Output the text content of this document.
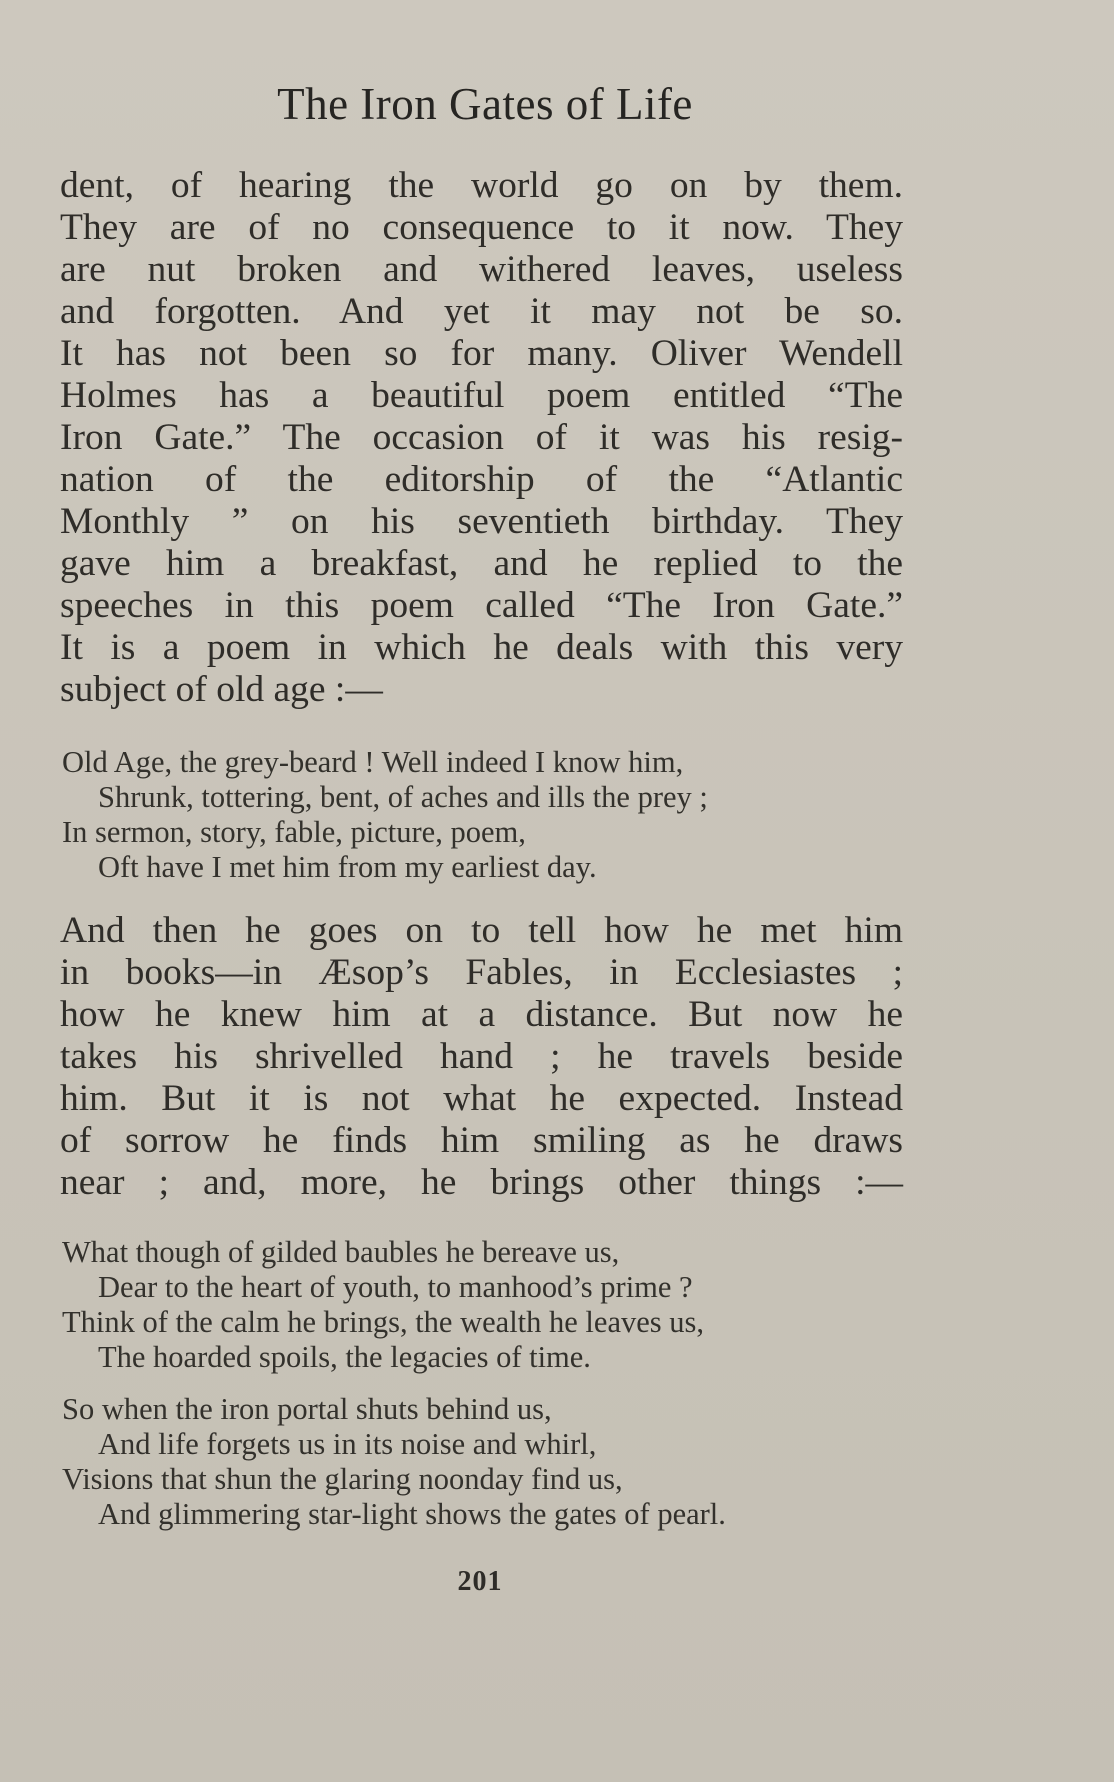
The Iron Gates of Life
dent, of hearing the world go on by them.
They are of no consequence to it now. They
are nut broken and withered leaves, useless
and forgotten. And yet it may not be so.
It has not been so for many. Oliver Wendell
Holmes has a beautiful poem entitled “The
Iron Gate.” The occasion of it was his resig-
nation of the editorship of the “Atlantic
Monthly ” on his seventieth birthday. They
gave him a breakfast, and he replied to the
speeches in this poem called “The Iron Gate.”
It is a poem in which he deals with this very
subject of old age :—
Old Age, the grey-beard ! Well indeed I know him,
Shrunk, tottering, bent, of aches and ills the prey ;
In sermon, story, fable, picture, poem,
Oft have I met him from my earliest day.
And then he goes on to tell how he met him
in books—in Æsop’s Fables, in Ecclesiastes ;
how he knew him at a distance. But now he
takes his shrivelled hand ; he travels beside
him. But it is not what he expected. Instead
of sorrow he finds him smiling as he draws
near ; and, more, he brings other things :—
What though of gilded baubles he bereave us,
Dear to the heart of youth, to manhood’s prime ?
Think of the calm he brings, the wealth he leaves us,
The hoarded spoils, the legacies of time.
So when the iron portal shuts behind us,
And life forgets us in its noise and whirl,
Visions that shun the glaring noonday find us,
And glimmering star-light shows the gates of pearl.
201
